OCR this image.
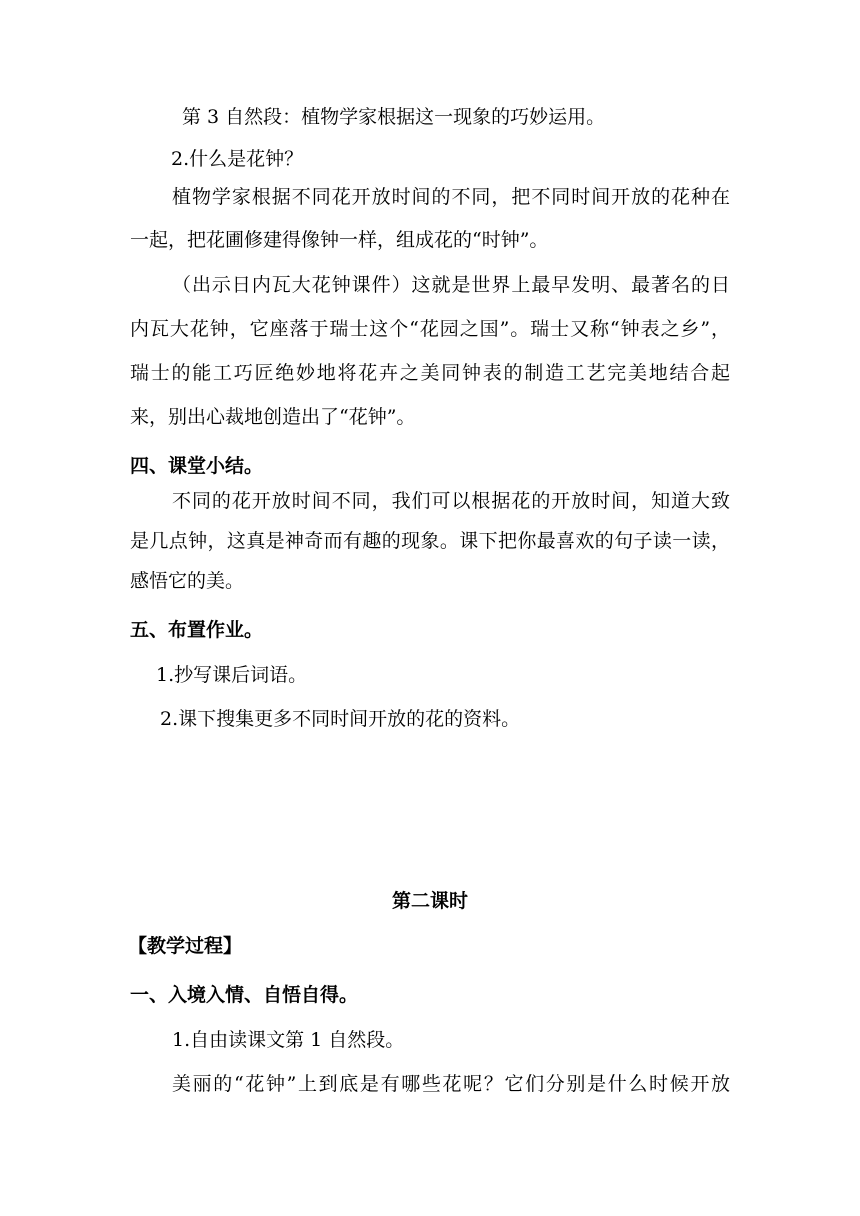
第 3 自然段：植物学家根据这一现象的巧妙运用。
2.什么是花钟？
植物学家根据不同花开放时间的不同，把不同时间开放的花种在
一起，把花圃修建得像钟一样，组成花的“时钟”。
（出示日内瓦大花钟课件）这就是世界上最早发明、最著名的日
内瓦大花钟，它座落于瑞士这个“花园之国”。瑞士又称“钟表之乡”，
瑞士的能工巧匠绝妙地将花卉之美同钟表的制造工艺完美地结合起
来，别出心裁地创造出了“花钟”。
四、课堂小结。
不同的花开放时间不同，我们可以根据花的开放时间，知道大致
是几点钟，这真是神奇而有趣的现象。课下把你最喜欢的句子读一读，
感悟它的美。
五、布置作业。
1.抄写课后词语。
2.课下搜集更多不同时间开放的花的资料。
第二课时
【教学过程】
一、入境入情、自悟自得。
1.自由读课文第 1 自然段。
美丽的“花钟”上到底是有哪些花呢？它们分别是什么时候开放
